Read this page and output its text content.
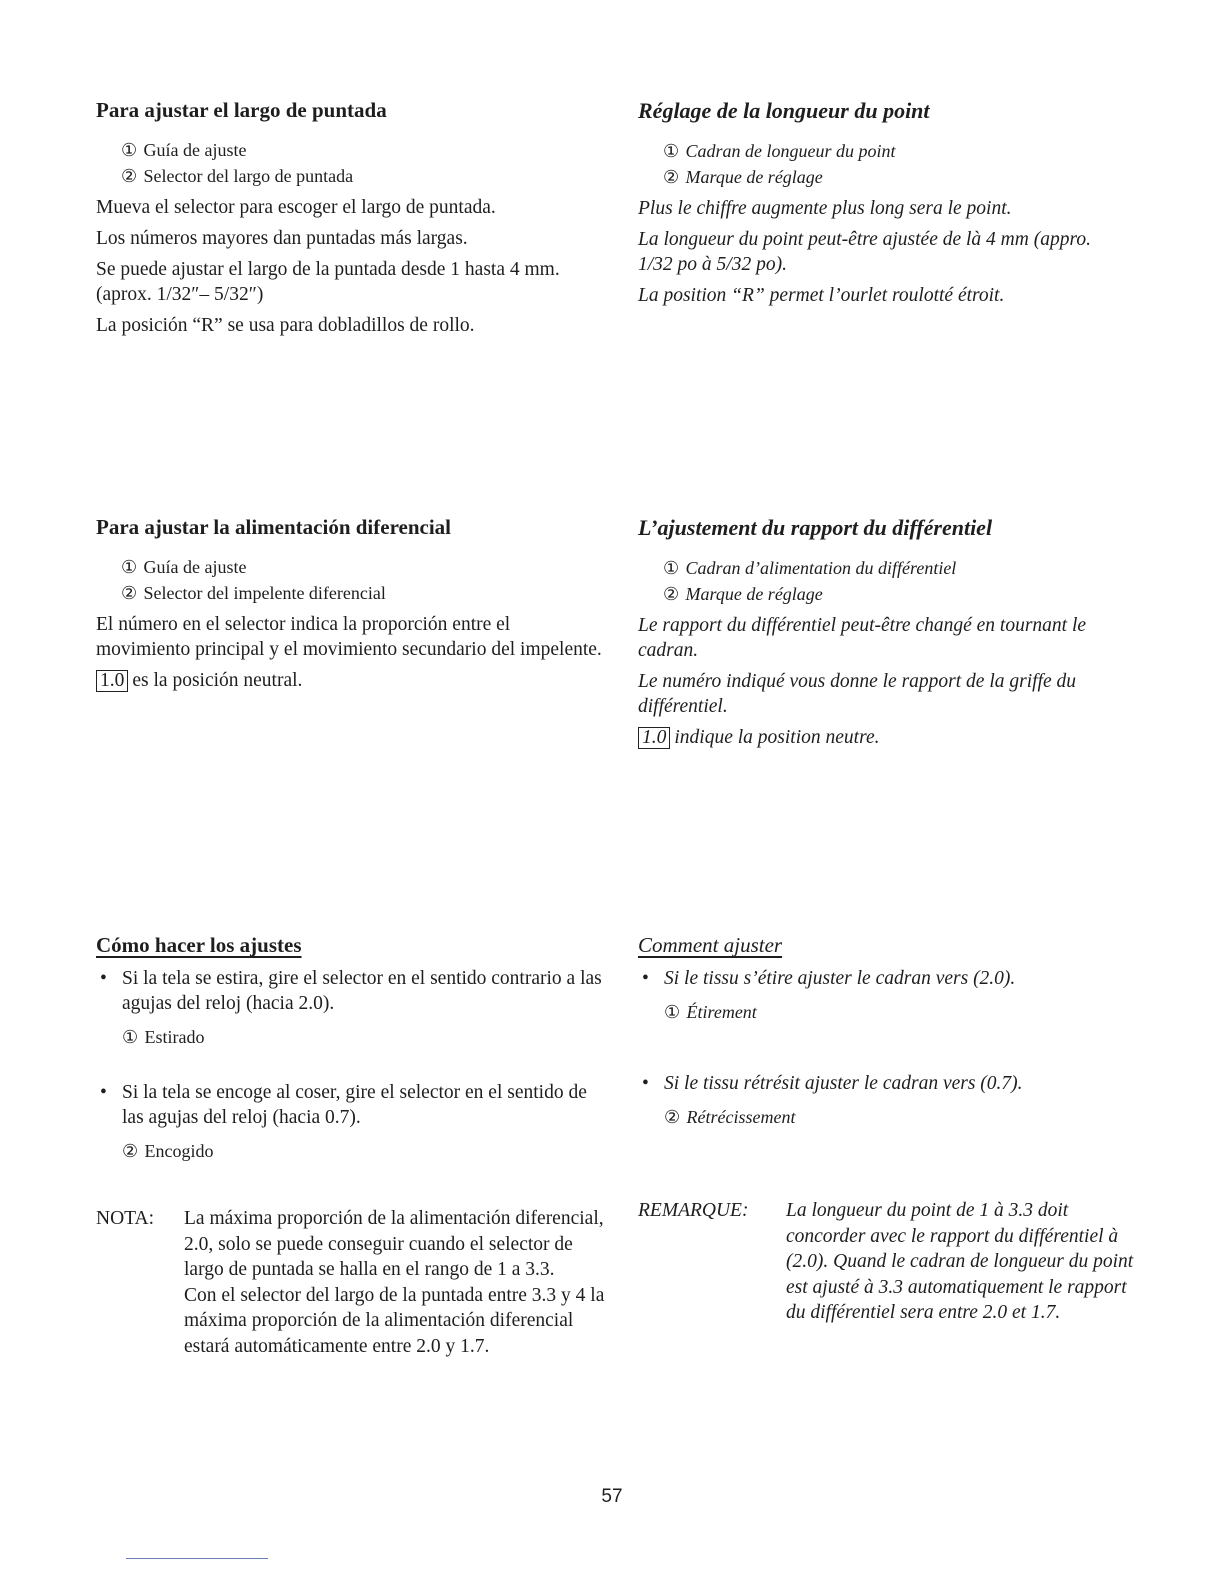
Para ajustar el largo de puntada
① Guía de ajuste
② Selector del largo de puntada
Mueva el selector para escoger el largo de puntada.
Los números mayores dan puntadas más largas.
Se puede ajustar el largo de la puntada desde 1 hasta 4 mm. (aprox. 1/32″– 5/32″)
La posición “R” se usa para dobladillos de rollo.
Réglage de la longueur du point
① Cadran de longueur du point
② Marque de réglage
Plus le chiffre augmente plus long sera le point.
La longueur du point peut-être ajustée de là 4 mm (appro. 1/32 po à 5/32 po).
La position “R” permet l’ourlet roulotté étroit.
Para ajustar la alimentación diferencial
① Guía de ajuste
② Selector del impelente diferencial
El número en el selector indica la proporción entre el movimiento principal y el movimiento secundario del impelente.
1.0 es la posición neutral.
L’ajustement du rapport du différentiel
① Cadran d’alimentation du différentiel
② Marque de réglage
Le rapport du différentiel peut-être changé en tournant le cadran.
Le numéro indiqué vous donne le rapport de la griffe du différentiel.
1.0 indique la position neutre.
Cómo hacer los ajustes
• Si la tela se estira, gire el selector en el sentido contrario a las agujas del reloj (hacia 2.0).
① Estirado
• Si la tela se encoge al coser, gire el selector en el sentido de las agujas del reloj (hacia 0.7).
② Encogido
NOTA:	La máxima proporción de la alimentación diferencial, 2.0, solo se puede conseguir cuando el selector de largo de puntada se halla en el rango de 1 a 3.3.
Con el selector del largo de la puntada entre 3.3 y 4 la máxima proporción de la alimentación diferencial estará automáticamente entre 2.0 y 1.7.
Comment ajuster
• Si le tissu s’étire ajuster le cadran vers (2.0).
① Étirement
• Si le tissu rétrésit ajuster le cadran vers (0.7).
② Rétrécissement
REMARQUE:	La longueur du point de 1 à 3.3 doit concorder avec le rapport du différentiel à (2.0). Quand le cadran de longueur du point est ajusté à 3.3 automatiquement le rapport du différentiel sera entre 2.0 et 1.7.
57
